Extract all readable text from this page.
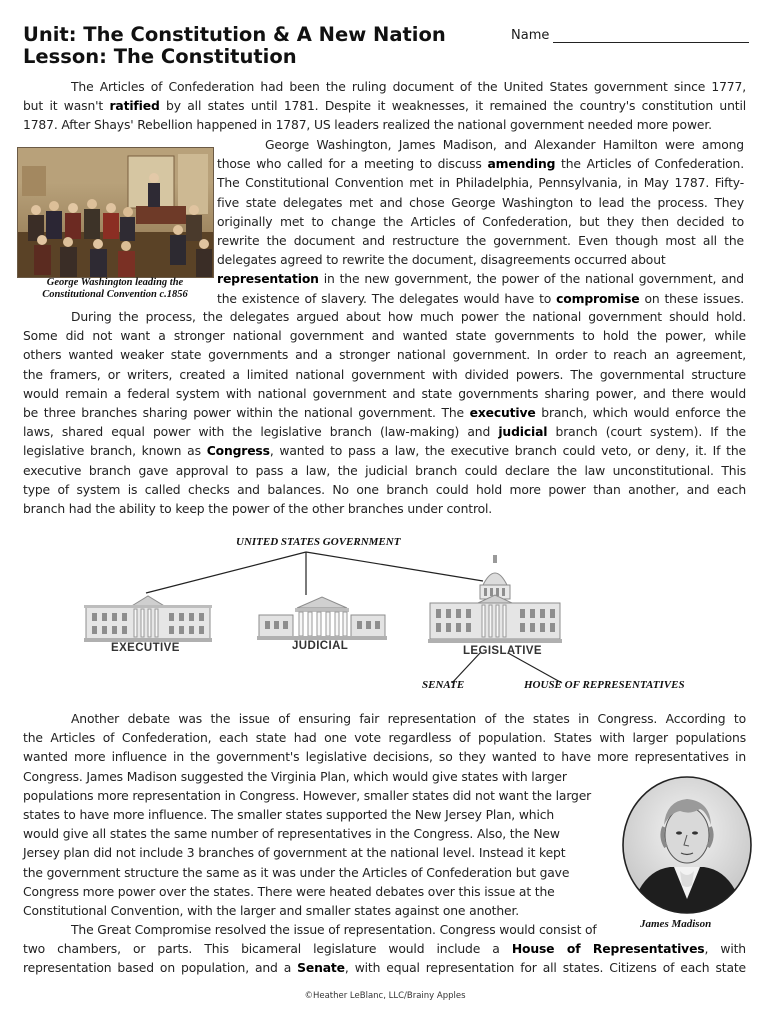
Unit: The Constitution & A New Nation
Lesson: The Constitution
Name
The Articles of Confederation had been the ruling document of the United States government since 1777,
but it wasn't ratified by all states until 1781. Despite it weaknesses, it remained the country's constitution until
1787. After Shays' Rebellion happened in 1787, US leaders realized the national government needed more power.
George Washington leading the
Constitutional Convention c.1856
George Washington, James Madison, and Alexander Hamilton were among
those who called for a meeting to discuss amending the Articles of Confederation.
The Constitutional Convention met in Philadelphia, Pennsylvania, in May 1787. Fifty-
five state delegates met and chose George Washington to lead the process. They
originally met to change the Articles of Confederation, but they then decided to
rewrite the document and restructure the government. Even though most all the
delegates agreed to rewrite the document, disagreements occurred about
representation in the new government, the power of the national government, and
the existence of slavery. The delegates would have to compromise on these issues.
During the process, the delegates argued about how much power the national government should hold.
Some did not want a stronger national government and wanted state governments to hold the power, while
others wanted weaker state governments and a stronger national government. In order to reach an agreement,
the framers, or writers, created a limited national government with divided powers. The governmental structure
would remain a federal system with national government and state governments sharing power, and there would
be three branches sharing power within the national government. The executive branch, which would enforce the
laws, shared equal power with the legislative branch (law-making) and judicial branch (court system). If the
legislative branch, known as Congress, wanted to pass a law, the executive branch could veto, or deny, it. If the
executive branch gave approval to pass a law, the judicial branch could declare the law unconstitutional. This
type of system is called checks and balances. No one branch could hold more power than another, and each
branch had the ability to keep the power of the other branches under control.
UNITED STATES GOVERNMENT
EXECUTIVE	JUDICIAL	LEGISLATIVE
SENATE	HOUSE OF REPRESENTATIVES
Another debate was the issue of ensuring fair representation of the states in Congress. According to
the Articles of Confederation, each state had one vote regardless of population. States with larger populations
wanted more influence in the government's legislative decisions, so they wanted to have more representatives in
Congress. James Madison suggested the Virginia Plan, which would give states with larger
populations more representation in Congress. However, smaller states did not want the larger
states to have more influence. The smaller states supported the New Jersey Plan, which
would give all states the same number of representatives in the Congress. Also, the New
Jersey plan did not include 3 branches of government at the national level. Instead it kept
the government structure the same as it was under the Articles of Confederation but gave
Congress more power over the states. There were heated debates over this issue at the
Constitutional Convention, with the larger and smaller states against one another.
James Madison
The Great Compromise resolved the issue of representation. Congress would consist of
two chambers, or parts. This bicameral legislature would include a House of Representatives, with
representation based on population, and a Senate, with equal representation for all states. Citizens of each state
©Heather LeBlanc, LLC/Brainy Apples
